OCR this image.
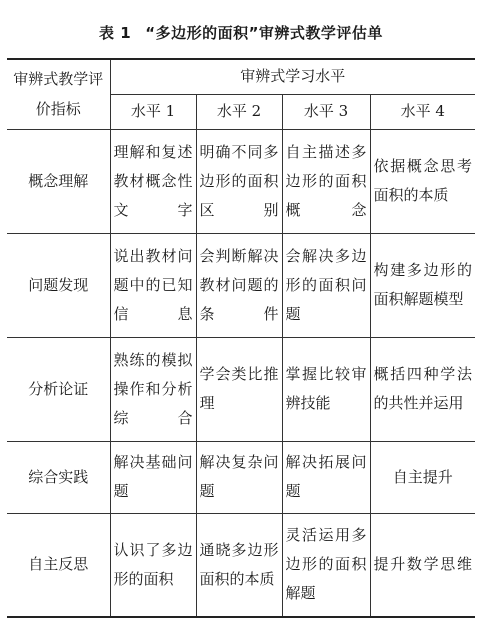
表 1 “多边形的面积”审辨式教学评估单
审辨式教学评价指标	审辨式学习水平			
	水平 1	水平 2	水平 3	水平 4
概念理解	理解和复述教材概念性文字	明确不同多边形的面积区别	自主描述多边形的面积概念	依据概念思考面积的本质
问题发现	说出教材问题中的已知信息	会判断解决教材问题的条件	会解决多边形的面积问题	构建多边形的面积解题模型
分析论证	熟练的模拟操作和分析综合	学会类比推理	掌握比较审辨技能	概括四种学法的共性并运用
综合实践	解决基础问题	解决复杂问题	解决拓展问题	自主提升
自主反思	认识了多边形的面积	通晓多边形面积的本质	灵活运用多边形的面积解题	提升数学思维
